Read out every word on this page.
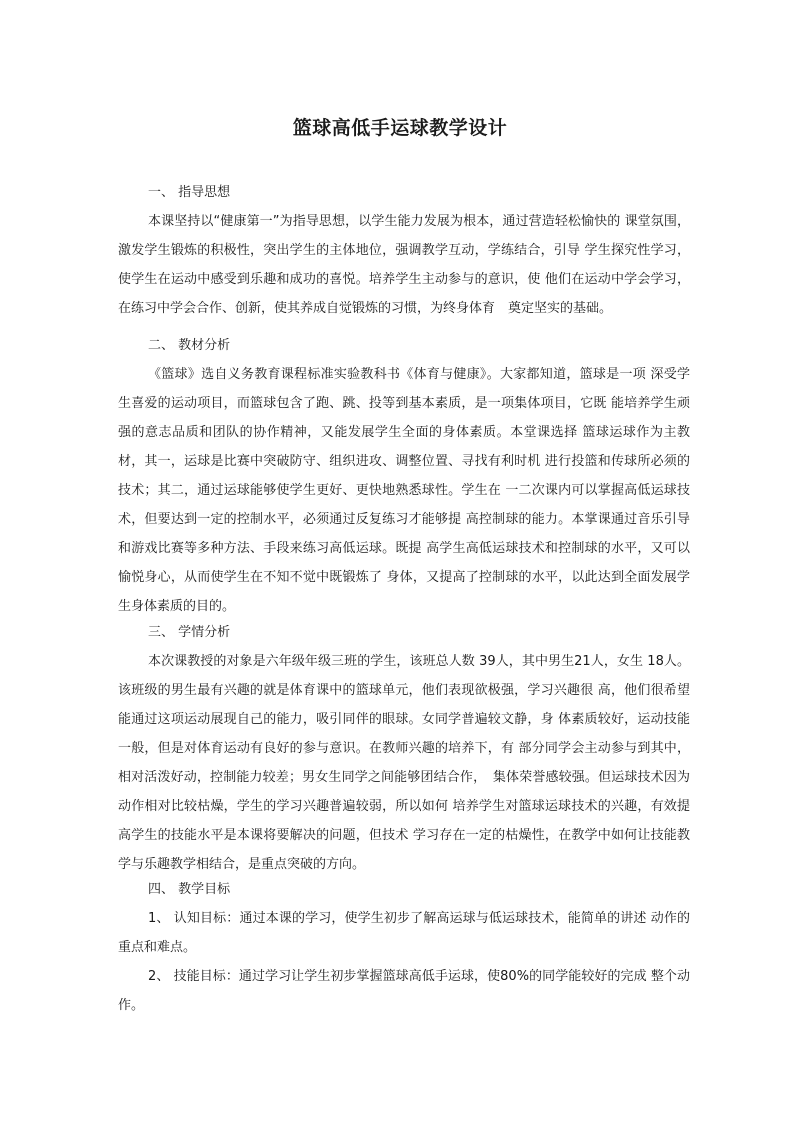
篮球高低手运球教学设计
一、 指导思想

本课坚持以“健康第一”为指导思想，以学生能力发展为根本，通过营造轻松愉快的 课堂氛围，激发学生锻炼的积极性，突出学生的主体地位，强调教学互动，学练结合，引导 学生探究性学习，使学生在运动中感受到乐趣和成功的喜悦。培养学生主动参与的意识，使 他们在运动中学会学习，在练习中学会合作、创新，使其养成自觉锻炼的习惯，为终身体育　奠定坚实的基础。

二、 教材分析

《篮球》选自义务教育课程标准实验教科书《体育与健康》。大家都知道，篮球是一项 深受学生喜爱的运动项目，而篮球包含了跑、跳、投等到基本素质，是一项集体项目，它既 能培养学生顽强的意志品质和团队的协作精神，又能发展学生全面的身体素质。本堂课选择 篮球运球作为主教材，其一，运球是比赛中突破防守、组织进攻、调整位置、寻找有利时机 进行投篮和传球所必须的技术；其二，通过运球能够使学生更好、更快地熟悉球性。学生在 一二次课内可以掌握高低运球技术，但要达到一定的控制水平，必须通过反复练习才能够提 高控制球的能力。本掌课通过音乐引导和游戏比赛等多种方法、手段来练习高低运球。既提 高学生高低运球技术和控制球的水平，又可以愉悦身心，从而使学生在不知不觉中既锻炼了 身体，又提高了控制球的水平，以此达到全面发展学生身体素质的目的。

三、 学情分析

本次课教授的对象是六年级年级三班的学生，该班总人数 39人，其中男生21人，女生 18人。该班级的男生最有兴趣的就是体育课中的篮球单元，他们表现欲极强，学习兴趣很 高，他们很希望能通过这项运动展现自己的能力，吸引同伴的眼球。女同学普遍较文静，身 体素质较好，运动技能一般，但是对体育运动有良好的参与意识。在教师兴趣的培养下，有 部分同学会主动参与到其中，相对活泼好动，控制能力较差；男女生同学之间能够团结合作，　集体荣誉感较强。但运球技术因为动作相对比较枯燥，学生的学习兴趣普遍较弱，所以如何 培养学生对篮球运球技术的兴趣，有效提高学生的技能水平是本课将要解决的问题，但技术 学习存在一定的枯燥性，在教学中如何让技能教学与乐趣教学相结合，是重点突破的方向。

四、 教学目标

1、 认知目标：通过本课的学习，使学生初步了解高运球与低运球技术，能简单的讲述 动作的重点和难点。

2、 技能目标：通过学习让学生初步掌握篮球高低手运球，使80%的同学能较好的完成 整个动作。
